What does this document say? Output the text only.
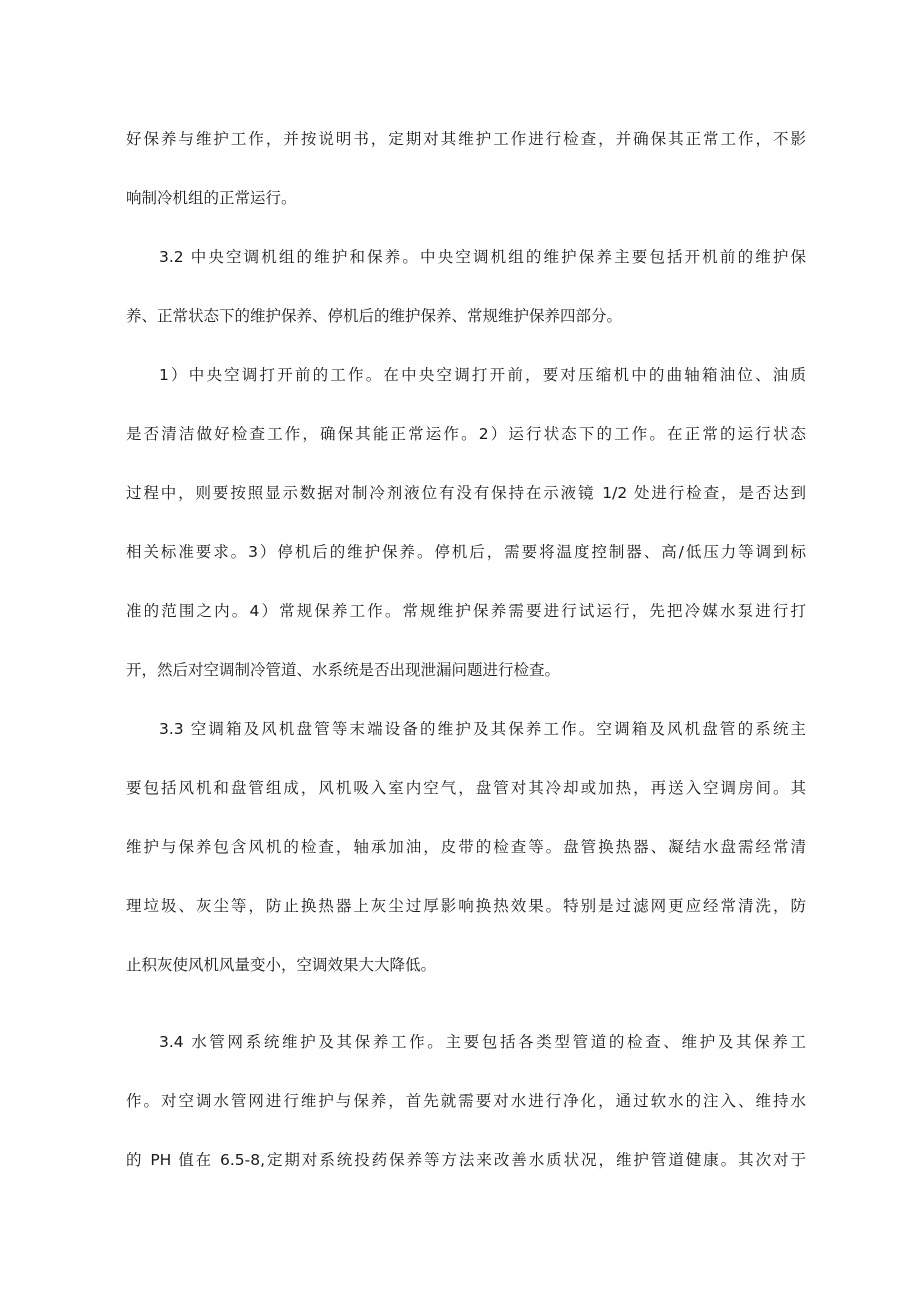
好保养与维护工作，并按说明书，定期对其维护工作进行检查，并确保其正常工作，不影
响制冷机组的正常运行。
3.2 中央空调机组的维护和保养。中央空调机组的维护保养主要包括开机前的维护保
养、正常状态下的维护保养、停机后的维护保养、常规维护保养四部分。
1）中央空调打开前的工作。在中央空调打开前，要对压缩机中的曲轴箱油位、油质
是否清洁做好检查工作，确保其能正常运作。2）运行状态下的工作。在正常的运行状态
过程中，则要按照显示数据对制冷剂液位有没有保持在示液镜 1/2 处进行检查，是否达到
相关标准要求。3）停机后的维护保养。停机后，需要将温度控制器、高/低压力等调到标
准的范围之内。4）常规保养工作。常规维护保养需要进行试运行，先把冷媒水泵进行打
开，然后对空调制冷管道、水系统是否出现泄漏问题进行检查。
3.3 空调箱及风机盘管等末端设备的维护及其保养工作。空调箱及风机盘管的系统主
要包括风机和盘管组成，风机吸入室内空气，盘管对其冷却或加热，再送入空调房间。其
维护与保养包含风机的检查，轴承加油，皮带的检查等。盘管换热器、凝结水盘需经常清
理垃圾、灰尘等，防止换热器上灰尘过厚影响换热效果。特别是过滤网更应经常清洗，防
止积灰使风机风量变小，空调效果大大降低。
3.4 水管网系统维护及其保养工作。主要包括各类型管道的检查、维护及其保养工
作。对空调水管网进行维护与保养，首先就需要对水进行净化，通过软水的注入、维持水
的 PH 值在 6.5-8,定期对系统投药保养等方法来改善水质状况，维护管道健康。其次对于
